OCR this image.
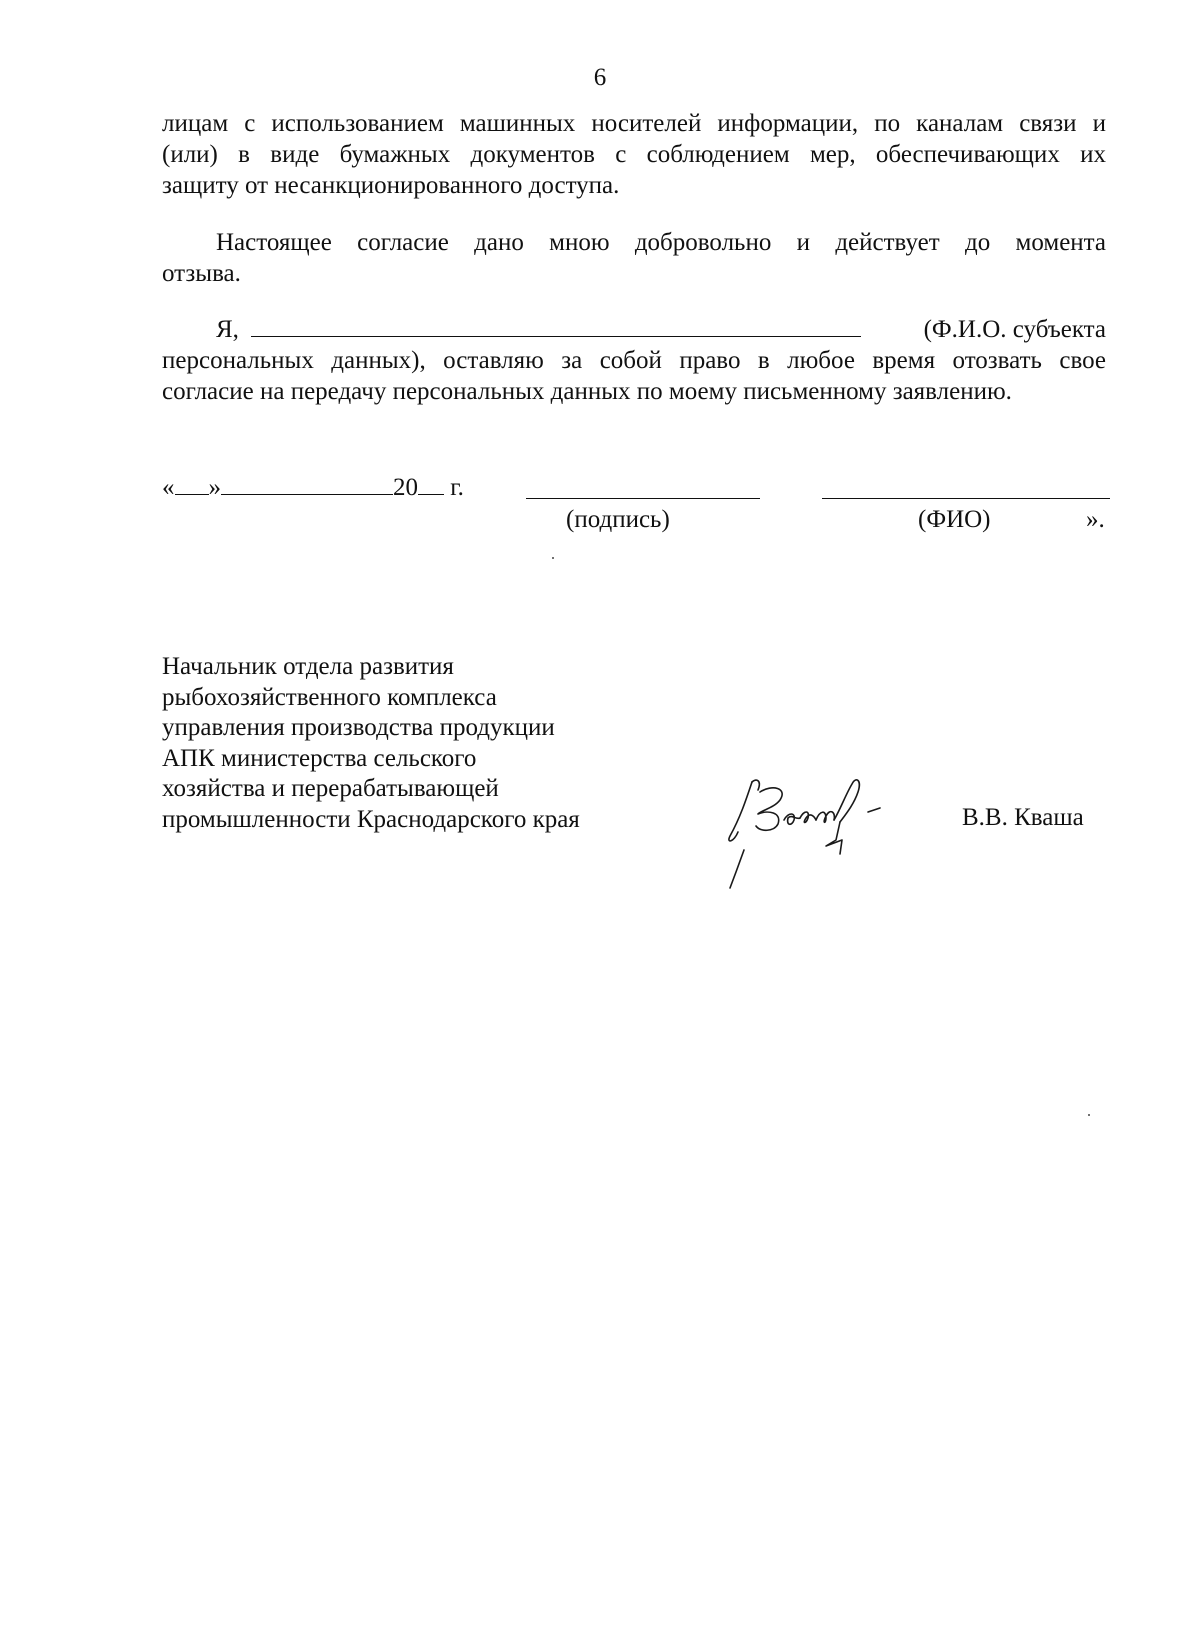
6
лицам с использованием машинных носителей информации, по каналам связи и
(или) в виде бумажных документов с соблюдением мер, обеспечивающих их
защиту от несанкционированного доступа.
Настоящее согласие дано мною добровольно и действует до момента
отзыва.
Я,	(Ф.И.О. субъекта
персональных данных), оставляю за собой право в любое время отозвать свое
согласие на передачу персональных данных по моему письменному заявлению.
« »	20 г.
(подпись)	(ФИО)	».
Начальник отдела развития
рыбохозяйственного комплекса
управления производства продукции
АПК министерства сельского
хозяйства и перерабатывающей
промышленности Краснодарского края	В.В. Кваша
